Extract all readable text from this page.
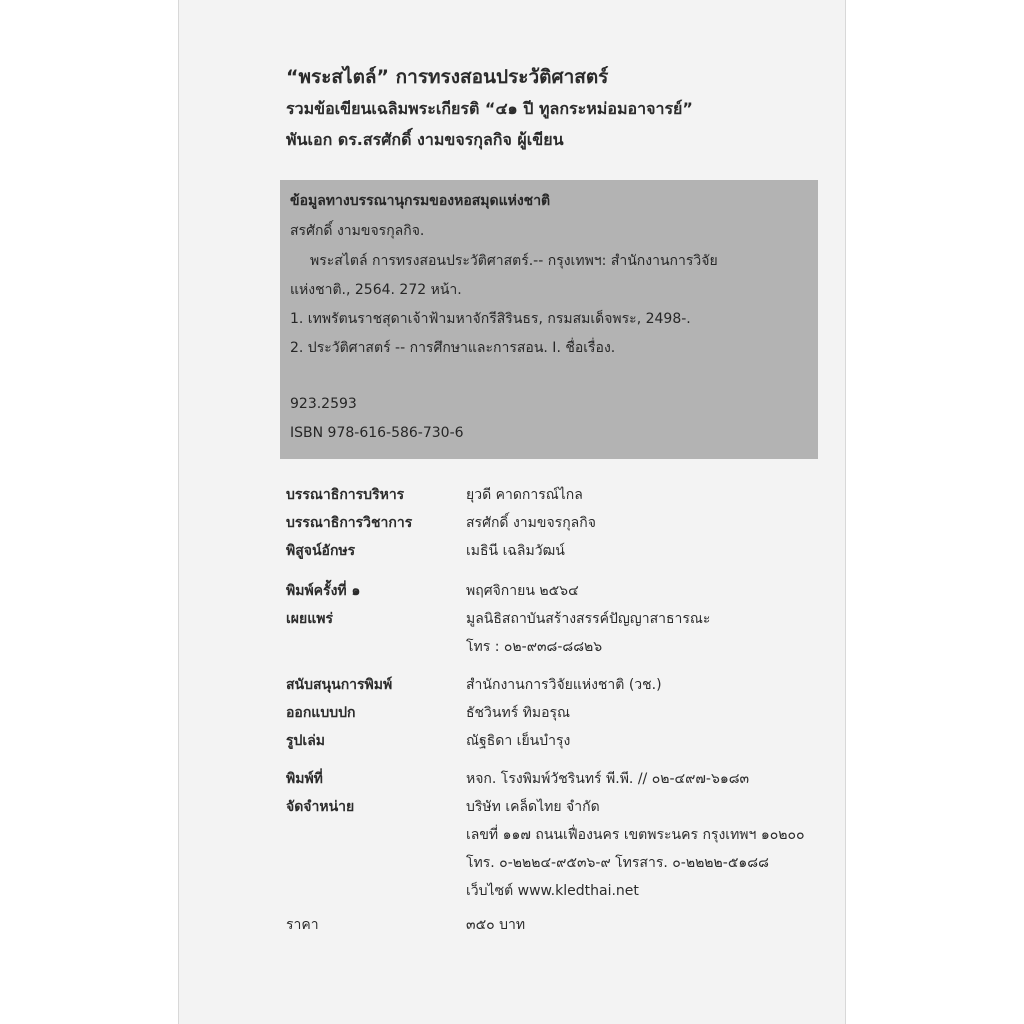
“พระสไตล์” การทรงสอนประวัติศาสตร์
รวมข้อเขียนเฉลิมพระเกียรติ “๔๑ ปี ทูลกระหม่อมอาจารย์”
พันเอก ดร.สรศักดิ์ งามขจรกุลกิจ ผู้เขียน
ข้อมูลทางบรรณานุกรมของหอสมุดแห่งชาติ
สรศักดิ์ งามขจรกุลกิจ.
พระสไตล์ การทรงสอนประวัติศาสตร์.-- กรุงเทพฯ: สำนักงานการวิจัย
แห่งชาติ., 2564. 272 หน้า.
1. เทพรัตนราชสุดาเจ้าฟ้ามหาจักรีสิรินธร, กรมสมเด็จพระ, 2498-.
2. ประวัติศาสตร์ -- การศึกษาและการสอน. I. ชื่อเรื่อง.
923.2593
ISBN 978-616-586-730-6
บรรณาธิการบริหาร	ยุวดี คาดการณ์ไกล
บรรณาธิการวิชาการ	สรศักดิ์ งามขจรกุลกิจ
พิสูจน์อักษร	เมธินี เฉลิมวัฒน์
พิมพ์ครั้งที่ ๑	พฤศจิกายน ๒๕๖๔
เผยแพร่	มูลนิธิสถาบันสร้างสรรค์ปัญญาสาธารณะ
โทร : ๐๒-๙๓๘-๘๘๒๖
สนับสนุนการพิมพ์	สำนักงานการวิจัยแห่งชาติ (วช.)
ออกแบบปก	ธัชวินทร์ ทิมอรุณ
รูปเล่ม	ณัฐธิดา เย็นบำรุง
พิมพ์ที่	หจก. โรงพิมพ์วัชรินทร์ พี.พี. // ๐๒-๔๙๗-๖๑๘๓
จัดจำหน่าย	บริษัท เคล็ดไทย จำกัด
เลขที่ ๑๑๗ ถนนเฟื่องนคร เขตพระนคร กรุงเทพฯ ๑๐๒๐๐
โทร. ๐-๒๒๒๔-๙๕๓๖-๙ โทรสาร. ๐-๒๒๒๒-๕๑๘๘
เว็บไซต์ www.kledthai.net
ราคา	๓๕๐ บาท
